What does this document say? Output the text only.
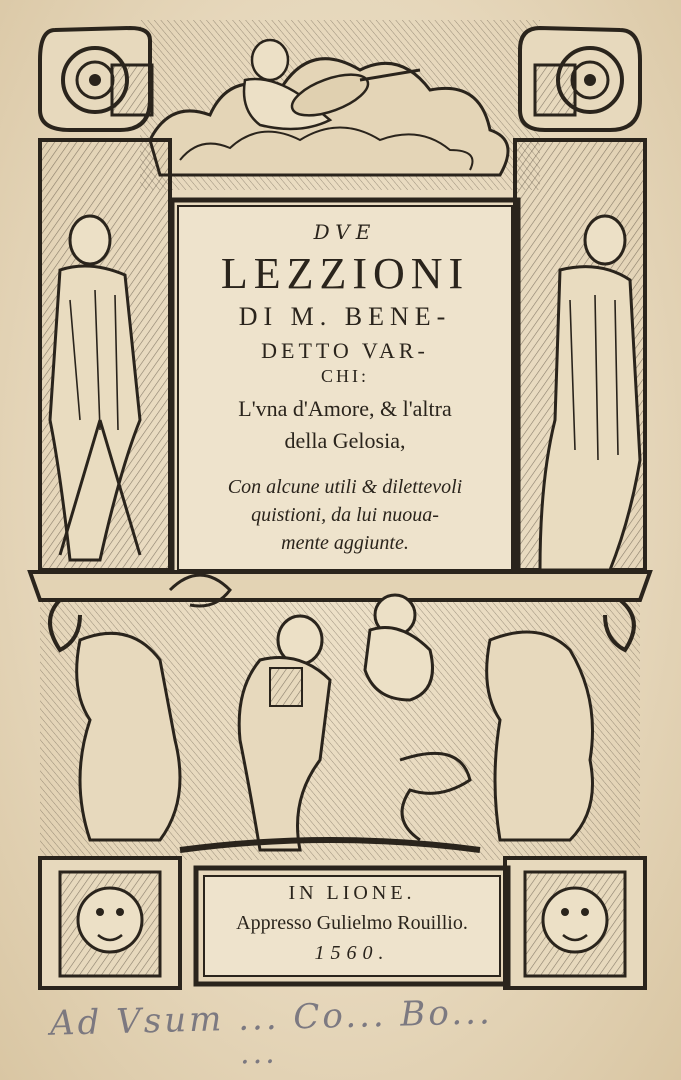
DVE
LEZZIONI
DI M. BENE-
DETTO VAR-
CHI:
L'vna d'Amore, & l'altra
della Gelosia,
Con alcune utili & dilettevoli
quistioni, da lui nuoua-
mente aggiunte.
IN LIONE.
Appresso Gulielmo Rouillio.
1560.
Ad Vsum ... Co... Bo...
...
